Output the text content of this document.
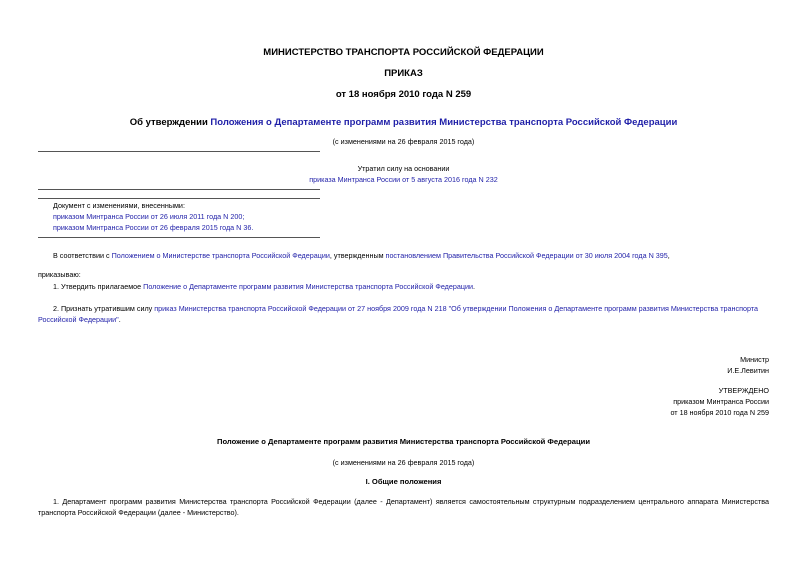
МИНИСТЕРСТВО ТРАНСПОРТА РОССИЙСКОЙ ФЕДЕРАЦИИ
ПРИКАЗ
от 18 ноября 2010 года N 259
Об утверждении Положения о Департаменте программ развития Министерства транспорта Российской Федерации
(с изменениями на 26 февраля 2015 года)
Утратил силу на основании
приказа Минтранса России от 5 августа 2016 года N 232
Документ с изменениями, внесенными:
приказом Минтранса России от 26 июля 2011 года N 200;
приказом Минтранса России от 26 февраля 2015 года N 36.
В соответствии с Положением о Министерстве транспорта Российской Федерации, утвержденным постановлением Правительства Российской Федерации от 30 июля 2004 года N 395,
приказываю:
1. Утвердить прилагаемое Положение о Департаменте программ развития Министерства транспорта Российской Федерации.
2. Признать утратившим силу приказ Министерства транспорта Российской Федерации от 27 ноября 2009 года N 218 "Об утверждении Положения о Департаменте программ развития Министерства транспорта
Российской Федерации".
Министр
И.Е.Левитин
УТВЕРЖДЕНО
приказом Минтранса России
от 18 ноября 2010 года N 259
Положение о Департаменте программ развития Министерства транспорта Российской Федерации
(с изменениями на 26 февраля 2015 года)
I. Общие положения
1. Департамент программ развития Министерства транспорта Российской Федерации (далее - Департамент) является самостоятельным структурным подразделением центрального аппарата Министерства
транспорта Российской Федерации (далее - Министерство).
